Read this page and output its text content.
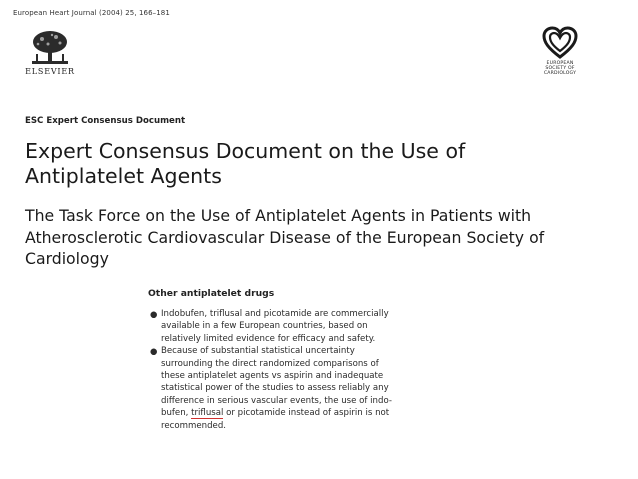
European Heart Journal (2004) 25, 166–181
ELSEVIER
EUROPEAN
SOCIETY OF
CARDIOLOGY
ESC Expert Consensus Document
Expert Consensus Document on the Use of Antiplatelet Agents
The Task Force on the Use of Antiplatelet Agents in Patients with Atherosclerotic Cardiovascular Disease of the European Society of Cardiology
Other antiplatelet drugs
● Indobufen, triflusal and picotamide are commercially
available in a few European countries, based on
relatively limited evidence for efficacy and safety.
● Because of substantial statistical uncertainty
surrounding the direct randomized comparisons of
these antiplatelet agents vs aspirin and inadequate
statistical power of the studies to assess reliably any
difference in serious vascular events, the use of indo-
bufen, triflusal or picotamide instead of aspirin is not
recommended.
